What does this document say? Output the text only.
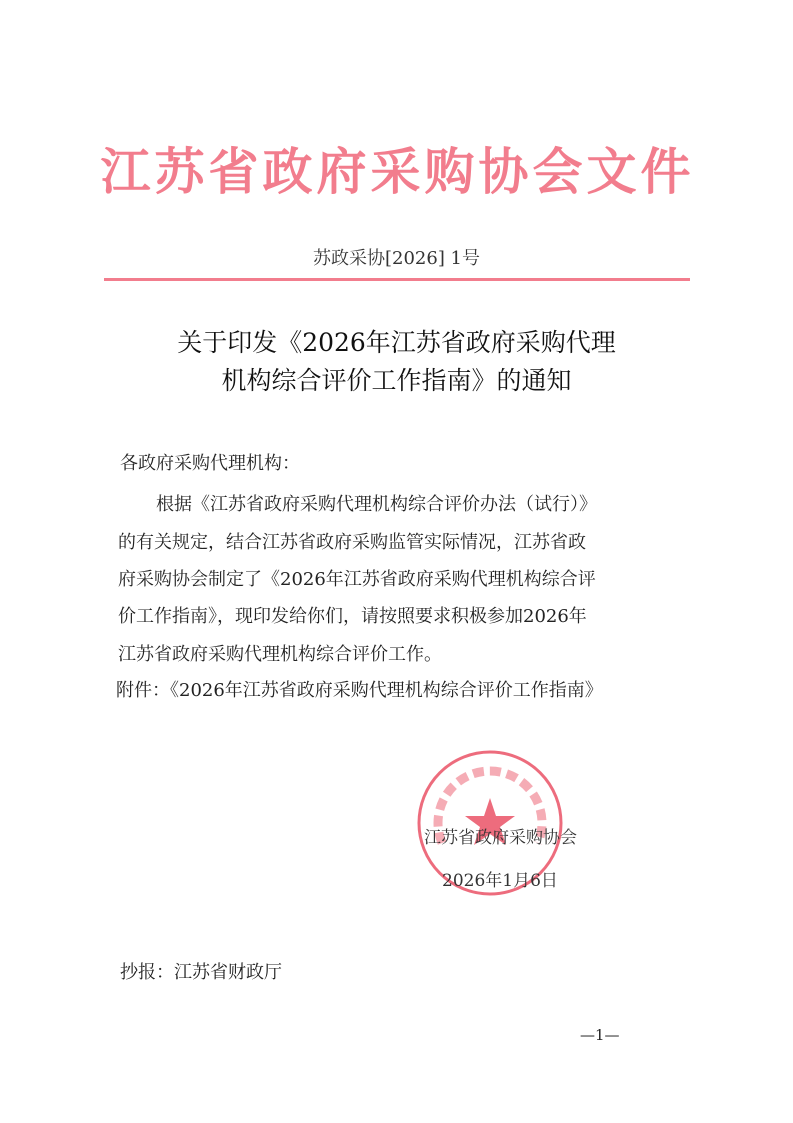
江苏省政府采购协会文件
苏政采协[2026] 1号
关于印发《2026年江苏省政府采购代理
机构综合评价工作指南》的通知
各政府采购代理机构：
根据《江苏省政府采购代理机构综合评价办法（试行）》
的有关规定，结合江苏省政府采购监管实际情况，江苏省政
府采购协会制定了《2026年江苏省政府采购代理机构综合评
价工作指南》，现印发给你们，请按照要求积极参加2026年
江苏省政府采购代理机构综合评价工作。
附件：《2026年江苏省政府采购代理机构综合评价工作指南》
江苏省政府采购协会
2026年1月6日
抄报：江苏省财政厅
—1—
